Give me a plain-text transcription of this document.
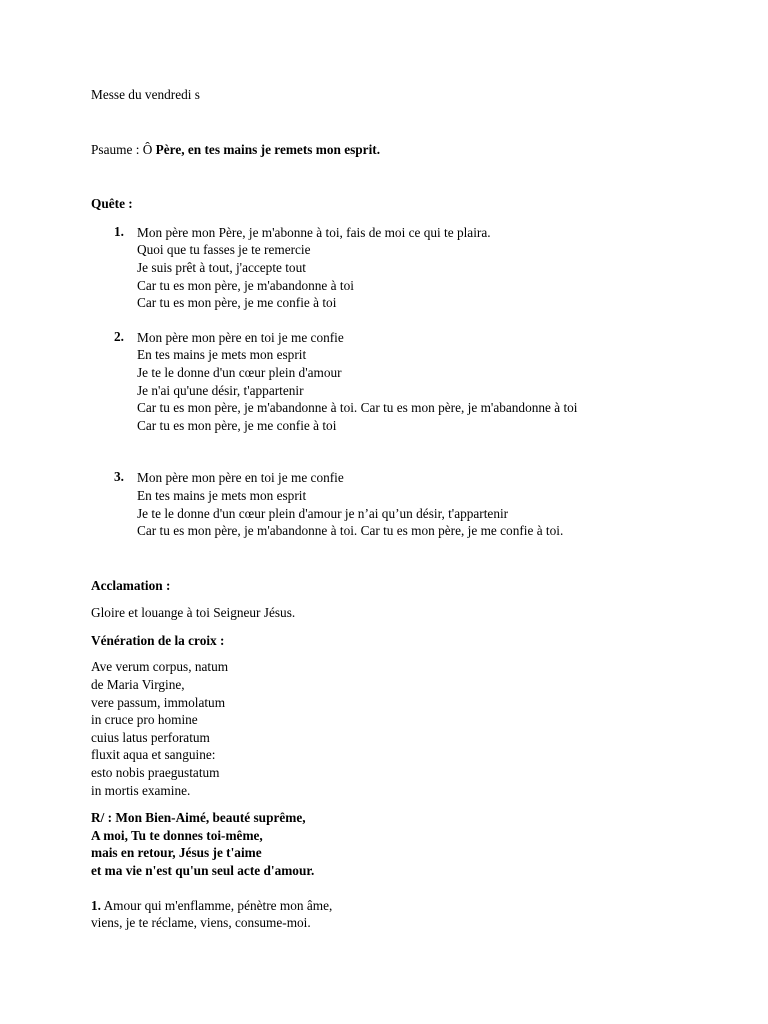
Messe du vendredi s
Psaume : Ô Père, en tes mains je remets mon esprit.
Quête :
1. Mon père mon Père, je m'abonne à toi, fais de moi ce qui te plaira.
Quoi que tu fasses je te remercie
Je suis prêt à tout, j'accepte tout
Car tu es mon père, je m'abandonne à toi
Car tu es mon père, je me confie à toi
2. Mon père mon père en toi je me confie
En tes mains je mets mon esprit
Je te le donne d'un cœur plein d'amour
Je n'ai qu'une désir, t'appartenir
Car tu es mon père, je m'abandonne à toi. Car tu es mon père, je m'abandonne à toi
Car tu es mon père, je me confie à toi
3. Mon père mon père en toi je me confie
En tes mains je mets mon esprit
Je te le donne d'un cœur plein d'amour je n’ai qu’un désir, t'appartenir
Car tu es mon père, je m'abandonne à toi. Car tu es mon père, je me confie à toi.
Acclamation :
Gloire et louange à toi Seigneur Jésus.
Vénération de la croix :
Ave verum corpus, natum
de Maria Virgine,
vere passum, immolatum
in cruce pro homine
cuius latus perforatum
fluxit aqua et sanguine:
esto nobis praegustatum
in mortis examine.
R/ : Mon Bien-Aimé, beauté suprême,
A moi, Tu te donnes toi-même,
mais en retour, Jésus je t'aime
et ma vie n'est qu'un seul acte d'amour.
1. Amour qui m'enflamme, pénètre mon âme,
viens, je te réclame, viens, consume-moi.
